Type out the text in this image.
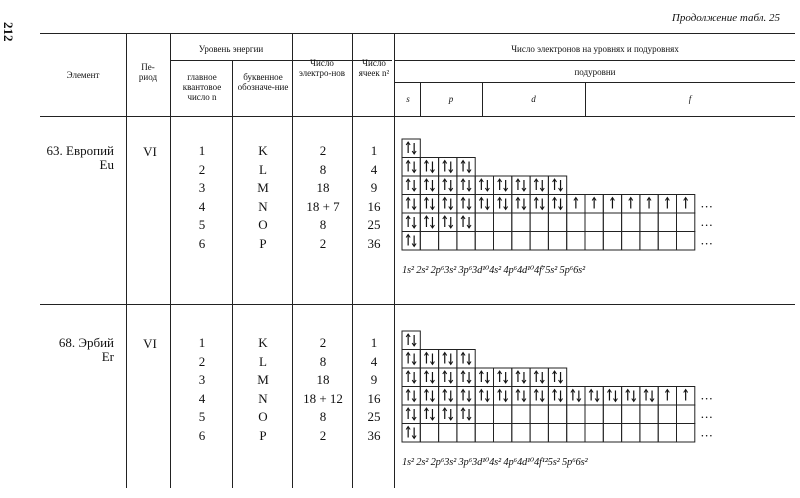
212
Продолжение табл. 25
Элемент
Пе-
риод
Уровень энергии
главное квантовое число n
буквенное обозначе-ние
Число электро-нов
Число ячеек n²
Число электронов на уровнях и подуровнях
подуровни
s	p	d	f
63. Европий
Eu
VI
68. Эрбий
Er
VI
1	K	2	1
2	L	8	4
3	M	18	9
4	N	18 + 7	16
5	O	8	25
6	P	2	36
1	K	2	1
2	L	8	4
3	M	18	9
4	N	18 + 12	16
5	O	8	25
6	P	2	36
1s² 2s² 2p⁶3s² 3p⁶3d¹⁰4s² 4p⁶4d¹⁰4f⁷5s² 5p⁶6s²
1s² 2s² 2p⁶3s² 3p⁶3d¹⁰4s² 4p⁶4d¹⁰4f¹²5s² 5p⁶6s²
...
...
...
...
...
...
